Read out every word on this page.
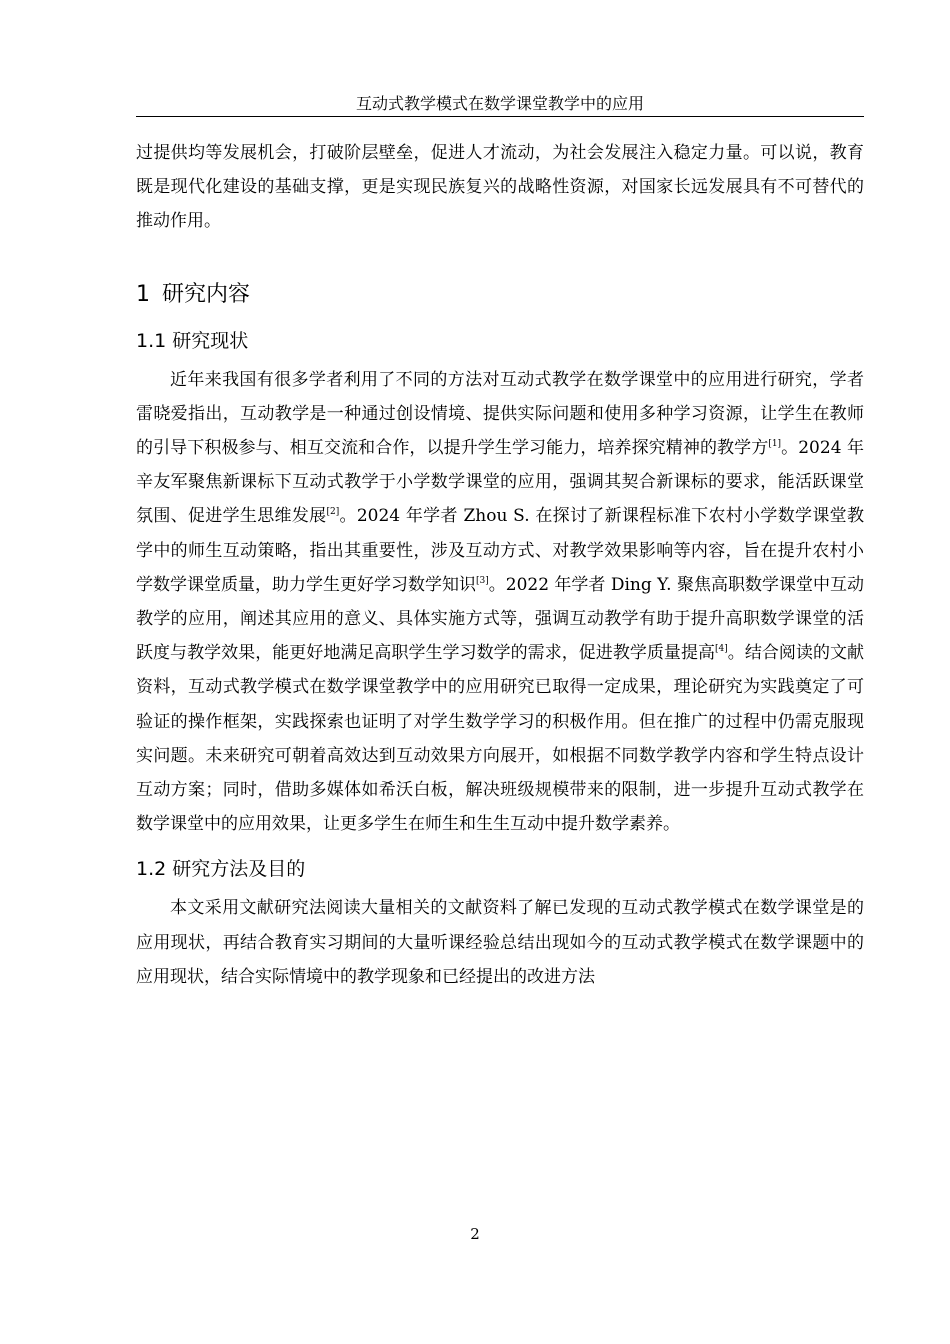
互动式教学模式在数学课堂教学中的应用

过提供均等发展机会，打破阶层壁垒，促进人才流动，为社会发展注入稳定力量。可以说，教育既是现代化建设的基础支撑，更是实现民族复兴的战略性资源，对国家长远发展具有不可替代的推动作用。

1 研究内容
1.1 研究现状

近年来我国有很多学者利用了不同的方法对互动式教学在数学课堂中的应用进行研究，学者雷晓爱指出，互动教学是一种通过创设情境、提供实际问题和使用多种学习资源，让学生在教师的引导下积极参与、相互交流和合作，以提升学生学习能力，培养探究精神的教学方[1]。2024 年辛友军聚焦新课标下互动式教学于小学数学课堂的应用，强调其契合新课标的要求，能活跃课堂氛围、促进学生思维发展[2]。2024 年学者 Zhou S. 在探讨了新课程标准下农村小学数学课堂教学中的师生互动策略，指出其重要性，涉及互动方式、对教学效果影响等内容，旨在提升农村小学数学课堂质量，助力学生更好学习数学知识[3]。2022 年学者 Ding Y. 聚焦高职数学课堂中互动教学的应用，阐述其应用的意义、具体实施方式等，强调互动教学有助于提升高职数学课堂的活跃度与教学效果，能更好地满足高职学生学习数学的需求，促进教学质量提高[4]。结合阅读的文献资料，互动式教学模式在数学课堂教学中的应用研究已取得一定成果，理论研究为实践奠定了可验证的操作框架，实践探索也证明了对学生数学学习的积极作用。但在推广的过程中仍需克服现实问题。未来研究可朝着高效达到互动效果方向展开，如根据不同数学教学内容和学生特点设计互动方案；同时，借助多媒体如希沃白板，解决班级规模带来的限制，进一步提升互动式教学在数学课堂中的应用效果，让更多学生在师生和生生互动中提升数学素养。

1.2 研究方法及目的

本文采用文献研究法阅读大量相关的文献资料了解已发现的互动式教学模式在数学课堂是的应用现状，再结合教育实习期间的大量听课经验总结出现如今的互动式教学模式在数学课题中的应用现状，结合实际情境中的教学现象和已经提出的改进方法

2
